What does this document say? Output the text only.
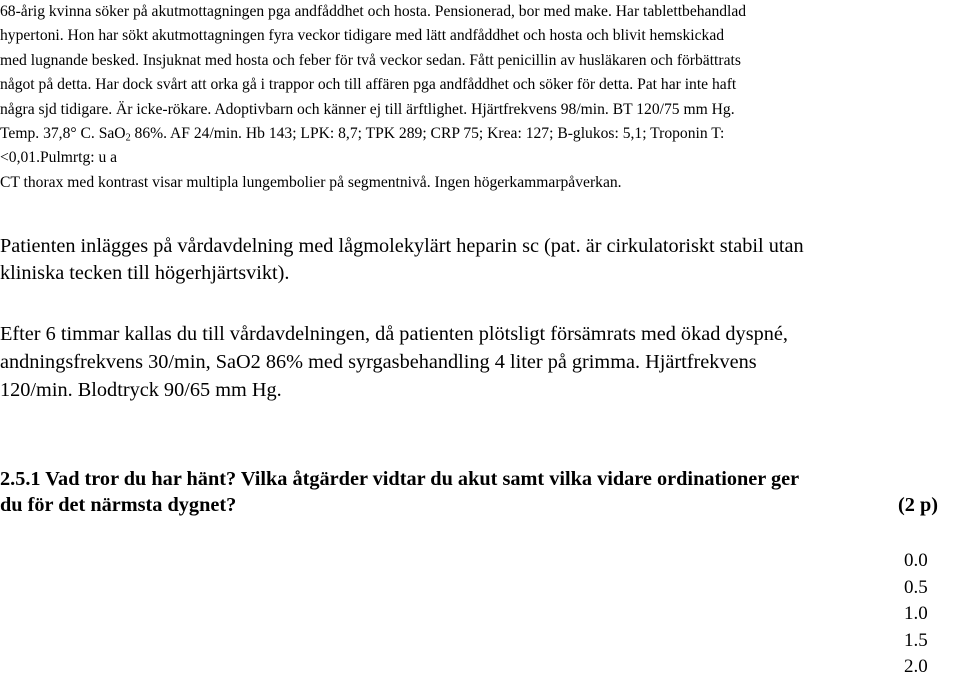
68-årig kvinna söker på akutmottagningen pga andfåddhet och hosta. Pensionerad, bor med make. Har tablettbehandlad
hypertoni. Hon har sökt akutmottagningen fyra veckor tidigare med lätt andfåddhet och hosta och blivit hemskickad
med lugnande besked. Insjuknat med hosta och feber för två veckor sedan. Fått penicillin av husläkaren och förbättrats
något på detta. Har dock svårt att orka gå i trappor och till affären pga andfåddhet och söker för detta. Pat har inte haft
några sjd tidigare. Är icke-rökare. Adoptivbarn och känner ej till ärftlighet. Hjärtfrekvens 98/min. BT 120/75 mm Hg.
Temp. 37,8° C. SaO$_2$ 86%. AF 24/min. Hb 143; LPK: 8,7; TPK 289; CRP 75; Krea: 127; B-glukos: 5,1; Troponin T:
<0,01.Pulmrtg: u a
CT thorax med kontrast visar multipla lungembolier på segmentnivå. Ingen högerkammarpåverkan.
Patienten inlägges på vårdavdelning med lågmolekylärt heparin sc (pat. är cirkulatoriskt stabil utan
kliniska tecken till högerhjärtsvikt).
Efter 6 timmar kallas du till vårdavdelningen, då patienten plötsligt försämrats med ökad dyspné,
andningsfrekvens 30/min, SaO2 86% med syrgasbehandling 4 liter på grimma. Hjärtfrekvens
120/min. Blodtryck 90/65 mm Hg.
2.5.1 Vad tror du har hänt? Vilka åtgärder vidtar du akut samt vilka vidare ordinationer ger
du för det närmsta dygnet?	(2 p)
0.0
0.5
1.0
1.5
2.0
